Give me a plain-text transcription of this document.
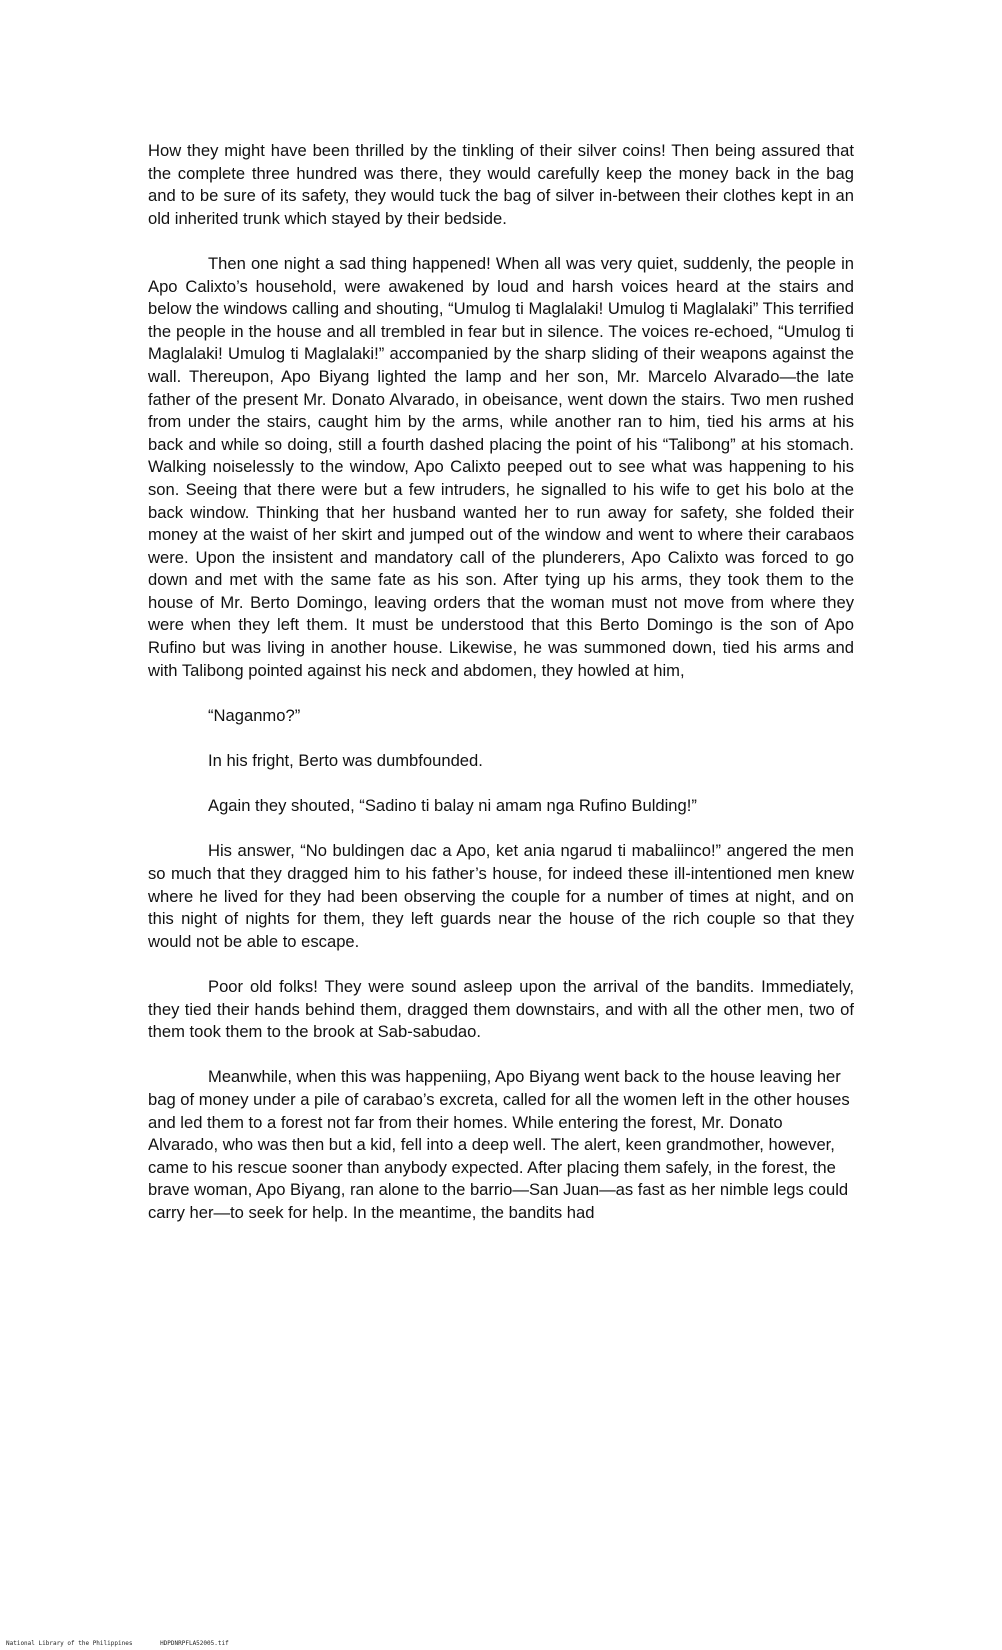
How they might have been thrilled by the tinkling of their silver coins! Then being assured that the complete three hundred was there, they would carefully keep the money back in the bag and to be sure of its safety, they would tuck the bag of silver in-between their clothes kept in an old inherited trunk which stayed by their bedside.

Then one night a sad thing happened! When all was very quiet, suddenly, the people in Apo Calixto’s household, were awakened by loud and harsh voices heard at the stairs and below the windows calling and shouting, “Umulog ti Maglalaki! Umulog ti Maglalaki” This terrified the people in the house and all trembled in fear but in silence. The voices re-echoed, “Umulog ti Maglalaki! Umulog ti Maglalaki!” accompanied by the sharp sliding of their weapons against the wall. Thereupon, Apo Biyang lighted the lamp and her son, Mr. Marcelo Alvarado—the late father of the present Mr. Donato Alvarado, in obeisance, went down the stairs. Two men rushed from under the stairs, caught him by the arms, while another ran to him, tied his arms at his back and while so doing, still a fourth dashed placing the point of his “Talibong” at his stomach. Walking noiselessly to the window, Apo Calixto peeped out to see what was happening to his son. Seeing that there were but a few intruders, he signalled to his wife to get his bolo at the back window. Thinking that her husband wanted her to run away for safety, she folded their money at the waist of her skirt and jumped out of the window and went to where their carabaos were. Upon the insistent and mandatory call of the plunderers, Apo Calixto was forced to go down and met with the same fate as his son. After tying up his arms, they took them to the house of Mr. Berto Domingo, leaving orders that the woman must not move from where they were when they left them. It must be understood that this Berto Domingo is the son of Apo Rufino but was living in another house. Likewise, he was summoned down, tied his arms and with Talibong pointed against his neck and abdomen, they howled at him,

“Naganmo?”

In his fright, Berto was dumbfounded.

Again they shouted, “Sadino ti balay ni amam nga Rufino Bulding!”

His answer, “No buldingen dac a Apo, ket ania ngarud ti mabaliinco!” angered the men so much that they dragged him to his father’s house, for indeed these ill-intentioned men knew where he lived for they had been observing the couple for a number of times at night, and on this night of nights for them, they left guards near the house of the rich couple so that they would not be able to escape.

Poor old folks! They were sound asleep upon the arrival of the bandits. Immediately, they tied their hands behind them, dragged them downstairs, and with all the other men, two of them took them to the brook at Sab-sabudao.

Meanwhile, when this was happeniing, Apo Biyang went back to the house leaving her bag of money under a pile of carabao’s excreta, called for all the women left in the other houses and led them to a forest not far from their homes. While entering the forest, Mr. Donato Alvarado, who was then but a kid, fell into a deep well. The alert, keen grandmother, however, came to his rescue sooner than anybody expected. After placing them safely, in the forest, the brave woman, Apo Biyang, ran alone to the barrio—San Juan—as fast as her nimble legs could carry her—to seek for help. In the meantime, the bandits had

National Library of the Philippines	HDPDNRPFLA52005.tif
